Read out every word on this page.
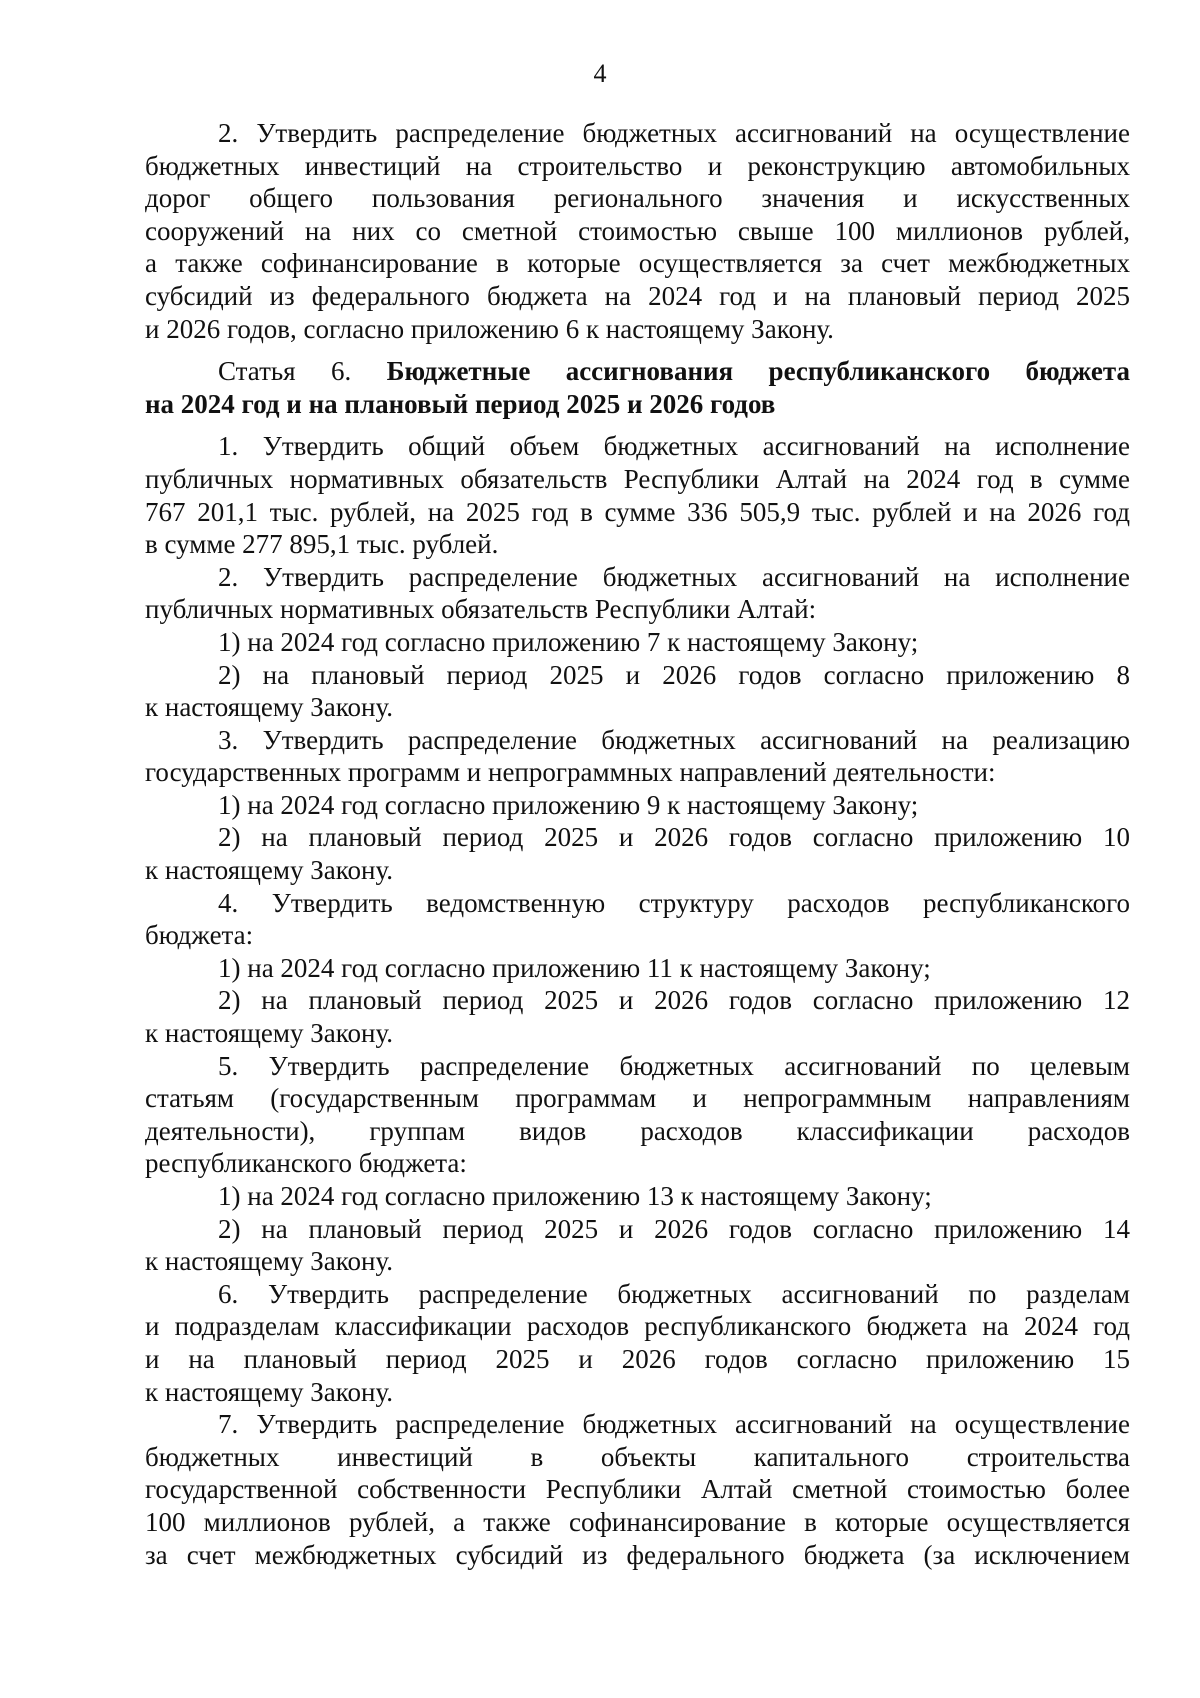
4
2. Утвердить распределение бюджетных ассигнований на осуществление
бюджетных инвестиций на строительство и реконструкцию автомобильных
дорог общего пользования регионального значения и искусственных
сооружений на них со сметной стоимостью свыше 100 миллионов рублей,
а также софинансирование в которые осуществляется за счет межбюджетных
субсидий из федерального бюджета на 2024 год и на плановый период 2025
и 2026 годов, согласно приложению 6 к настоящему Закону.
Статья 6. Бюджетные ассигнования республиканского бюджета
на 2024 год и на плановый период 2025 и 2026 годов
1. Утвердить общий объем бюджетных ассигнований на исполнение
публичных нормативных обязательств Республики Алтай на 2024 год в сумме
767 201,1 тыс. рублей, на 2025 год в сумме 336 505,9 тыс. рублей и на 2026 год
в сумме 277 895,1 тыс. рублей.
2. Утвердить распределение бюджетных ассигнований на исполнение
публичных нормативных обязательств Республики Алтай:
1) на 2024 год согласно приложению 7 к настоящему Закону;
2) на плановый период 2025 и 2026 годов согласно приложению 8
к настоящему Закону.
3. Утвердить распределение бюджетных ассигнований на реализацию
государственных программ и непрограммных направлений деятельности:
1) на 2024 год согласно приложению 9 к настоящему Закону;
2) на плановый период 2025 и 2026 годов согласно приложению 10
к настоящему Закону.
4. Утвердить ведомственную структуру расходов республиканского
бюджета:
1) на 2024 год согласно приложению 11 к настоящему Закону;
2) на плановый период 2025 и 2026 годов согласно приложению 12
к настоящему Закону.
5. Утвердить распределение бюджетных ассигнований по целевым
статьям (государственным программам и непрограммным направлениям
деятельности), группам видов расходов классификации расходов
республиканского бюджета:
1) на 2024 год согласно приложению 13 к настоящему Закону;
2) на плановый период 2025 и 2026 годов согласно приложению 14
к настоящему Закону.
6. Утвердить распределение бюджетных ассигнований по разделам
и подразделам классификации расходов республиканского бюджета на 2024 год
и на плановый период 2025 и 2026 годов согласно приложению 15
к настоящему Закону.
7. Утвердить распределение бюджетных ассигнований на осуществление
бюджетных инвестиций в объекты капитального строительства
государственной собственности Республики Алтай сметной стоимостью более
100 миллионов рублей, а также софинансирование в которые осуществляется
за счет межбюджетных субсидий из федерального бюджета (за исключением
